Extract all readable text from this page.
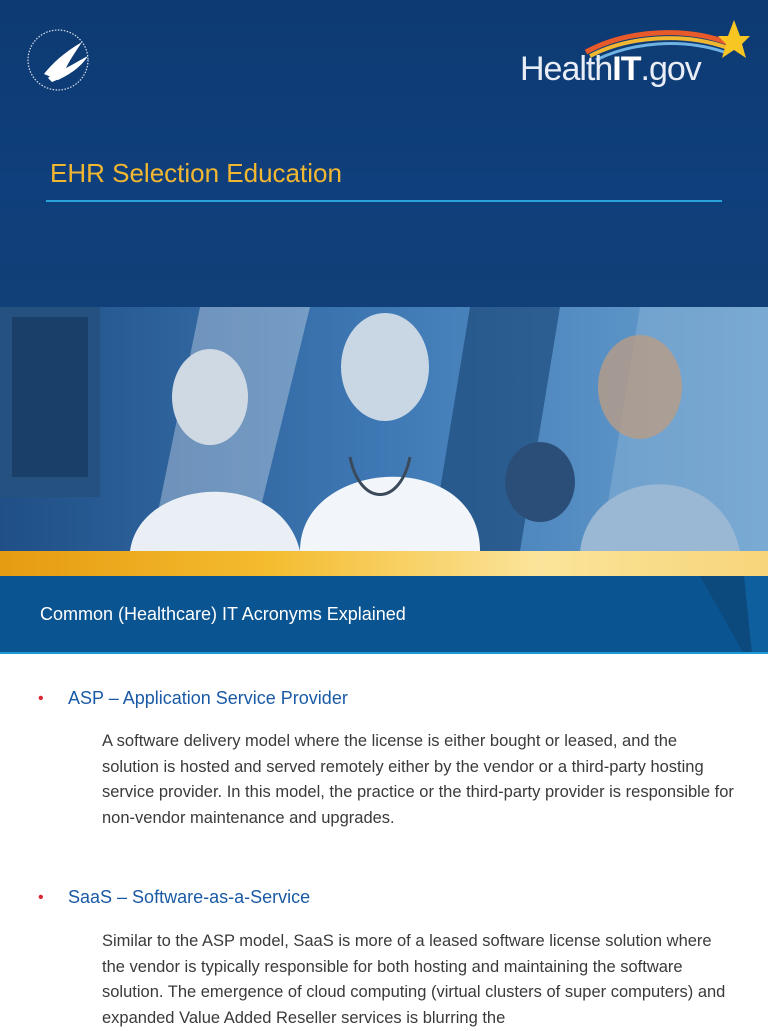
HealthIT.gov
EHR Selection Education
Common (Healthcare) IT Acronyms Explained
• ASP – Application Service Provider
A software delivery model where the license is either bought or leased, and the solution is hosted and served remotely either by the vendor or a third-party hosting service provider. In this model, the practice or the third-party provider is responsible for non-vendor maintenance and upgrades.
• SaaS – Software-as-a-Service
Similar to the ASP model, SaaS is more of a leased software license solution where the vendor is typically responsible for both hosting and maintaining the software solution. The emergence of cloud computing (virtual clusters of super computers) and expanded Value Added Reseller services is blurring the
